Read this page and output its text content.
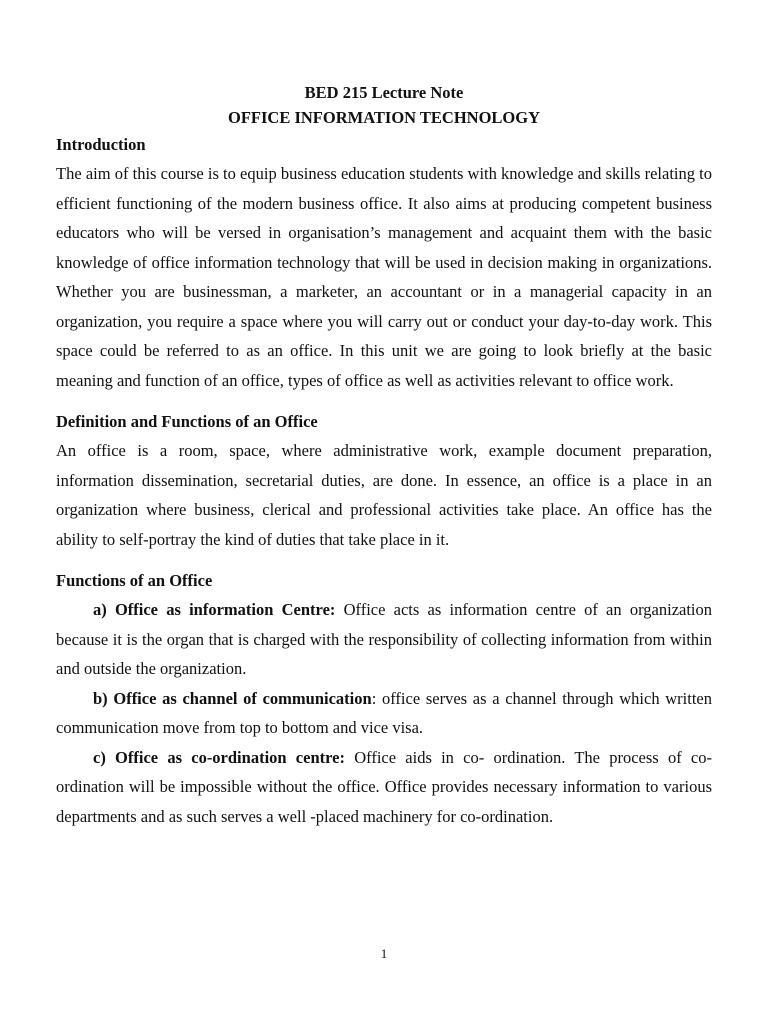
BED 215 Lecture Note

OFFICE INFORMATION TECHNOLOGY

Introduction

The aim of this course is to equip business education students with knowledge and skills relating to efficient functioning of the modern business office. It also aims at producing competent business educators who will be versed in organisation’s management and acquaint them with the basic knowledge of office information technology that will be used in decision making in organizations. Whether you are businessman, a marketer, an accountant or in a managerial capacity in an organization, you require a space where you will carry out or conduct your day-to-day work. This space could be referred to as an office. In this unit we are going to look briefly at the basic meaning and function of an office, types of office as well as activities relevant to office work.

Definition and Functions of an Office

An office is a room, space, where administrative work, example document preparation, information dissemination, secretarial duties, are done. In essence, an office is a place in an organization where business, clerical and professional activities take place. An office has the ability to self-portray the kind of duties that take place in it.

Functions of an Office

a) Office as information Centre: Office acts as information centre of an organization because it is the organ that is charged with the responsibility of collecting information from within and outside the organization.

b) Office as channel of communication: office serves as a channel through which written communication move from top to bottom and vice visa.

c) Office as co-ordination centre: Office aids in co- ordination. The process of co-ordination will be impossible without the office. Office provides necessary information to various departments and as such serves a well -placed machinery for co-ordination.

1
